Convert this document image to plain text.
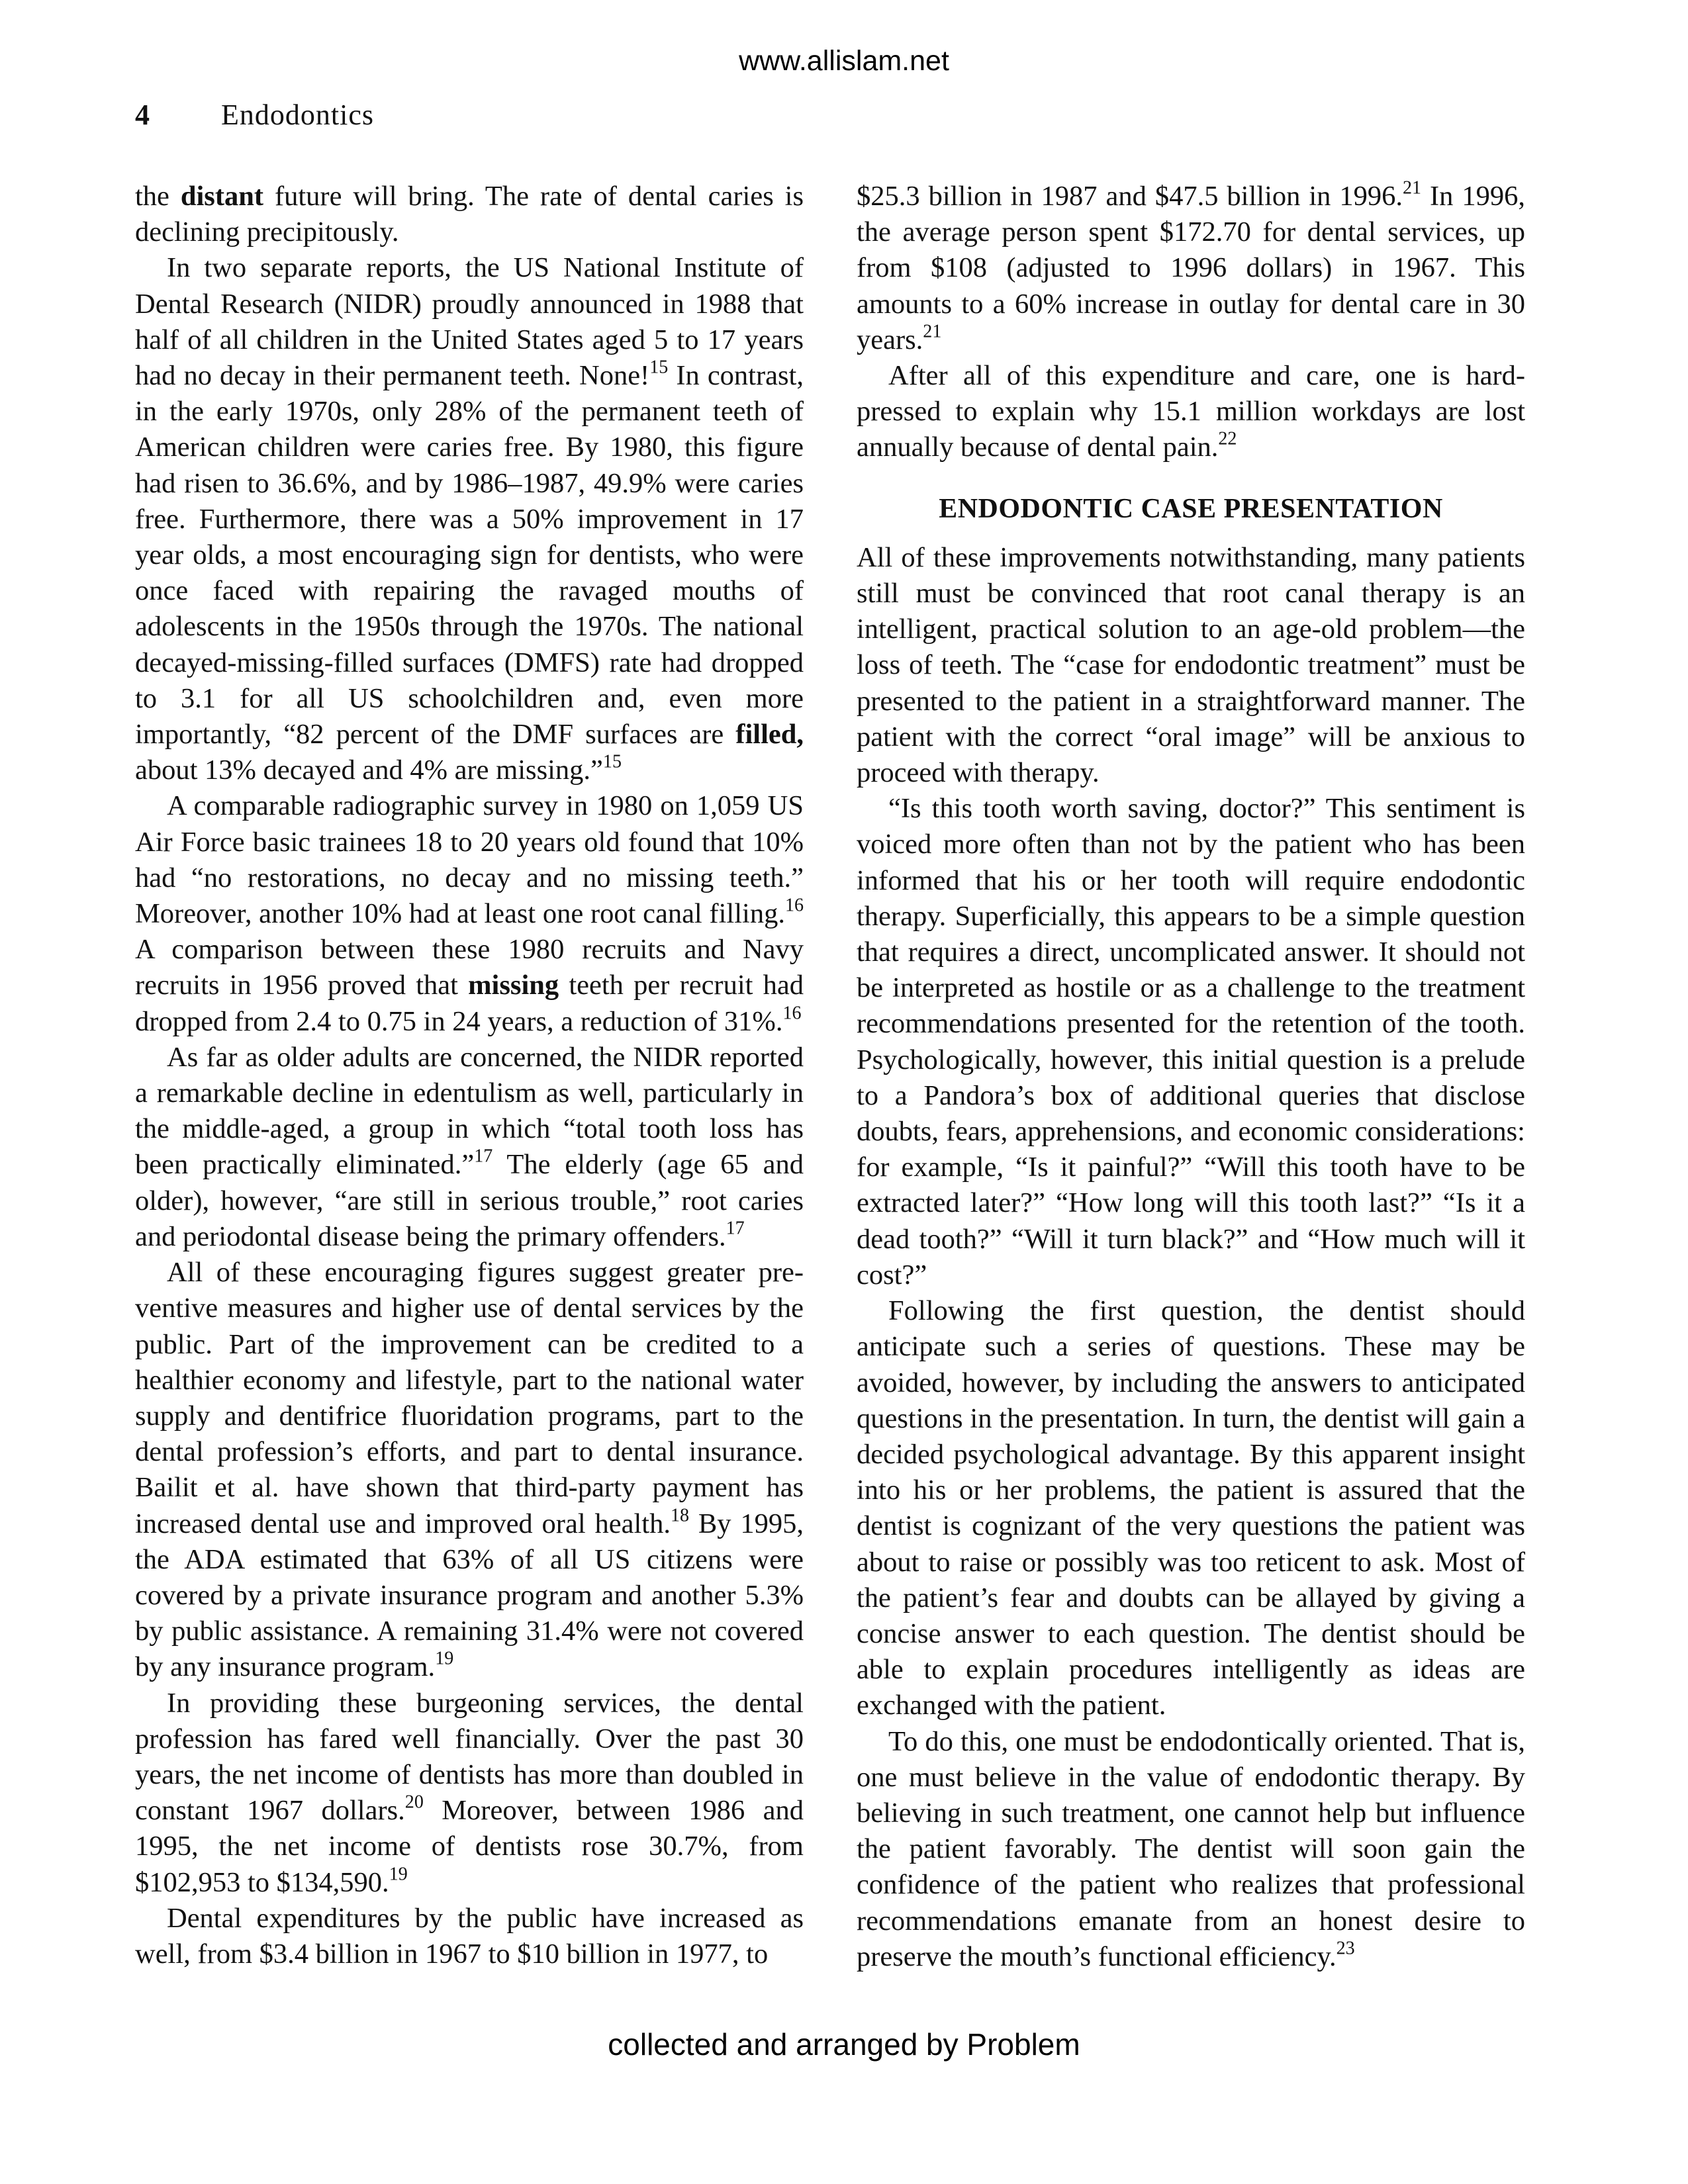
www.allislam.net
4 Endodontics

the distant future will bring. The rate of dental caries is declining precipitously.

In two separate reports, the US National Institute of Dental Research (NIDR) proudly announced in 1988 that half of all children in the United States aged 5 to 17 years had no decay in their permanent teeth. None!$^{15}$ In contrast, in the early 1970s, only 28% of the permanent teeth of American children were caries free. By 1980, this figure had risen to 36.6%, and by 1986–1987, 49.9% were caries free. Furthermore, there was a 50% improvement in 17 year olds, a most encouraging sign for dentists, who were once faced with repairing the ravaged mouths of adolescents in the 1950s through the 1970s. The national decayed-missing-filled surfaces (DMFS) rate had dropped to 3.1 for all US schoolchildren and, even more importantly, “82 percent of the DMF surfaces are filled, about 13% decayed and 4% are missing.”$^{15}$

A comparable radiographic survey in 1980 on 1,059 US Air Force basic trainees 18 to 20 years old found that 10% had “no restorations, no decay and no missing teeth.” Moreover, another 10% had at least one root canal filling.$^{16}$ A comparison between these 1980 recruits and Navy recruits in 1956 proved that missing teeth per recruit had dropped from 2.4 to 0.75 in 24 years, a reduction of 31%.$^{16}$

As far as older adults are concerned, the NIDR reported a remarkable decline in edentulism as well, particularly in the middle-aged, a group in which “total tooth loss has been practically eliminated.”$^{17}$ The elderly (age 65 and older), however, “are still in serious trouble,” root caries and periodontal disease being the primary offenders.$^{17}$

All of these encouraging figures suggest greater preventive measures and higher use of dental services by the public. Part of the improvement can be credited to a healthier economy and lifestyle, part to the national water supply and dentifrice fluoridation programs, part to the dental profession’s efforts, and part to dental insurance. Bailit et al. have shown that third-party payment has increased dental use and improved oral health.$^{18}$ By 1995, the ADA estimated that 63% of all US citizens were covered by a private insurance program and another 5.3% by public assistance. A remaining 31.4% were not covered by any insurance program.$^{19}$

In providing these burgeoning services, the dental profession has fared well financially. Over the past 30 years, the net income of dentists has more than doubled in constant 1967 dollars.$^{20}$ Moreover, between 1986 and 1995, the net income of dentists rose 30.7%, from $102,953 to $134,590.19

Dental expenditures by the public have increased as well, from $3.4 billion in 1967 to $10 billion in 1977, to

$25.3 billion in 1987 and $47.5 billion in 1996.21 In 1996, the average person spent $172.70 for dental services, up from $108 (adjusted to 1996 dollars) in 1967. This amounts to a 60% increase in outlay for dental care in 30 years.$^{21}$

After all of this expenditure and care, one is hard-pressed to explain why 15.1 million workdays are lost annually because of dental pain.$^{22}$

ENDODONTIC CASE PRESENTATION

All of these improvements notwithstanding, many patients still must be convinced that root canal therapy is an intelligent, practical solution to an age-old problem—the loss of teeth. The “case for endodontic treatment” must be presented to the patient in a straightforward manner. The patient with the correct “oral image” will be anxious to proceed with therapy.

“Is this tooth worth saving, doctor?” This sentiment is voiced more often than not by the patient who has been informed that his or her tooth will require endodontic therapy. Superficially, this appears to be a simple question that requires a direct, uncomplicated answer. It should not be interpreted as hostile or as a challenge to the treatment recommendations presented for the retention of the tooth. Psychologically, however, this initial question is a prelude to a Pandora’s box of additional queries that disclose doubts, fears, apprehensions, and economic considerations: for example, “Is it painful?” “Will this tooth have to be extracted later?” “How long will this tooth last?” “Is it a dead tooth?” “Will it turn black?” and “How much will it cost?”

Following the first question, the dentist should anticipate such a series of questions. These may be avoided, however, by including the answers to anticipated questions in the presentation. In turn, the dentist will gain a decided psychological advantage. By this apparent insight into his or her problems, the patient is assured that the dentist is cognizant of the very questions the patient was about to raise or possibly was too reticent to ask. Most of the patient’s fear and doubts can be allayed by giving a concise answer to each question. The dentist should be able to explain procedures intelligently as ideas are exchanged with the patient.

To do this, one must be endodontically oriented. That is, one must believe in the value of endodontic therapy. By believing in such treatment, one cannot help but influence the patient favorably. The dentist will soon gain the confidence of the patient who realizes that professional recommendations emanate from an honest desire to preserve the mouth’s functional efficiency.$^{23}$

collected and arranged by Problem
